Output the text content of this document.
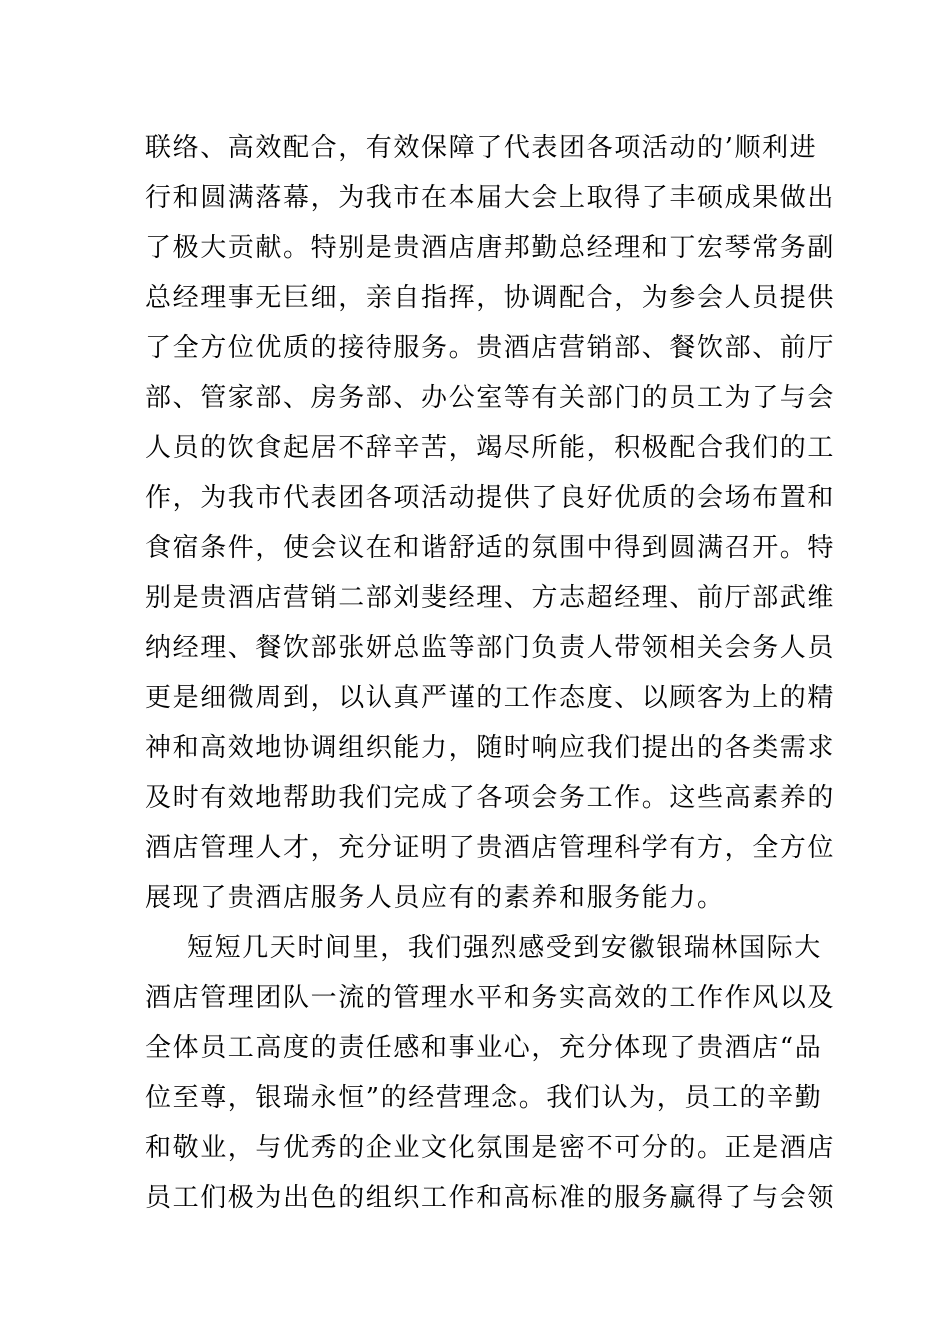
联络、高效配合，有效保障了代表团各项活动的’顺利进
行和圆满落幕，为我市在本届大会上取得了丰硕成果做出
了极大贡献。特别是贵酒店唐邦勤总经理和丁宏琴常务副
总经理事无巨细，亲自指挥，协调配合，为参会人员提供
了全方位优质的接待服务。贵酒店营销部、餐饮部、前厅
部、管家部、房务部、办公室等有关部门的员工为了与会
人员的饮食起居不辞辛苦，竭尽所能，积极配合我们的工
作，为我市代表团各项活动提供了良好优质的会场布置和
食宿条件，使会议在和谐舒适的氛围中得到圆满召开。特
别是贵酒店营销二部刘斐经理、方志超经理、前厅部武维
纳经理、餐饮部张妍总监等部门负责人带领相关会务人员
更是细微周到，以认真严谨的工作态度、以顾客为上的精
神和高效地协调组织能力，随时响应我们提出的各类需求
及时有效地帮助我们完成了各项会务工作。这些高素养的
酒店管理人才，充分证明了贵酒店管理科学有方，全方位
展现了贵酒店服务人员应有的素养和服务能力。
短短几天时间里，我们强烈感受到安徽银瑞林国际大
酒店管理团队一流的管理水平和务实高效的工作作风以及
全体员工高度的责任感和事业心，充分体现了贵酒店“品
位至尊，银瑞永恒”的经营理念。我们认为，员工的辛勤
和敬业，与优秀的企业文化氛围是密不可分的。正是酒店
员工们极为出色的组织工作和高标准的服务赢得了与会领
